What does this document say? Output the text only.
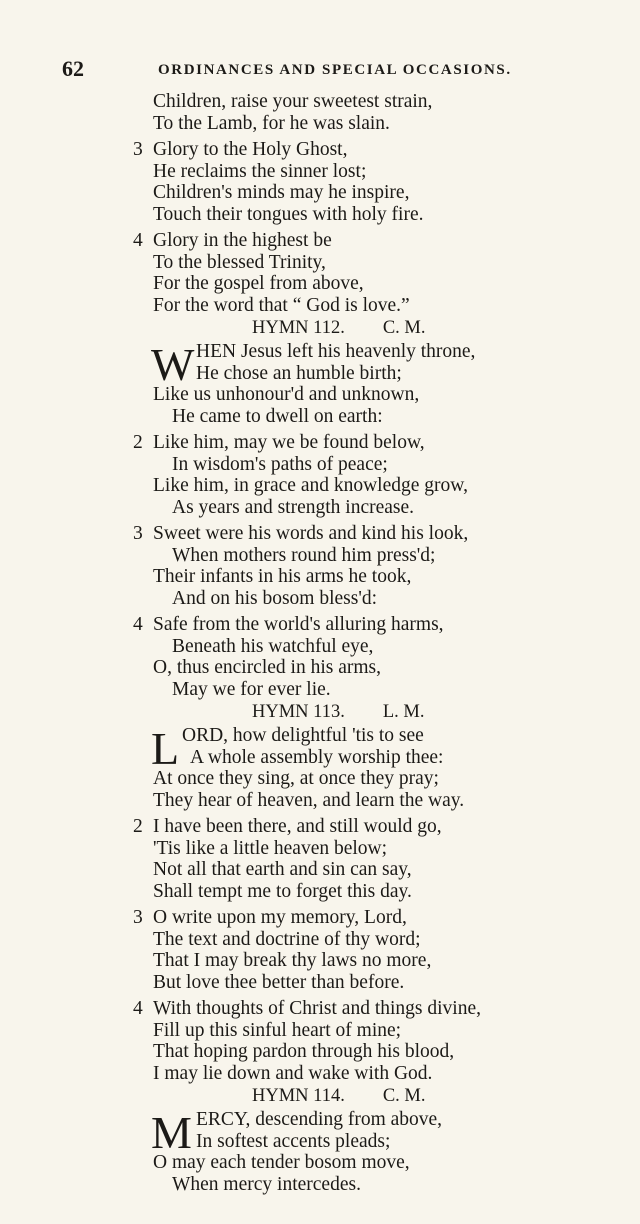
62	ORDINANCES AND SPECIAL OCCASIONS.
Children, raise your sweetest strain,
To the Lamb, for he was slain.
3 Glory to the Holy Ghost,
He reclaims the sinner lost;
Children's minds may he inspire,
Touch their tongues with holy fire.
4 Glory in the highest be
To the blessed Trinity,
For the gospel from above,
For the word that “ God is love.”
HYMN 112. C. M.
W HEN Jesus left his heavenly throne,
He chose an humble birth;
Like us unhonour'd and unknown,
He came to dwell on earth:
2 Like him, may we be found below,
In wisdom's paths of peace;
Like him, in grace and knowledge grow,
As years and strength increase.
3 Sweet were his words and kind his look,
When mothers round him press'd;
Their infants in his arms he took,
And on his bosom bless'd:
4 Safe from the world's alluring harms,
Beneath his watchful eye,
O, thus encircled in his arms,
May we for ever lie.
HYMN 113. L. M.
L ORD, how delightful 'tis to see
A whole assembly worship thee:
At once they sing, at once they pray;
They hear of heaven, and learn the way.
2 I have been there, and still would go,
'Tis like a little heaven below;
Not all that earth and sin can say,
Shall tempt me to forget this day.
3 O write upon my memory, Lord,
The text and doctrine of thy word;
That I may break thy laws no more,
But love thee better than before.
4 With thoughts of Christ and things divine,
Fill up this sinful heart of mine;
That hoping pardon through his blood,
I may lie down and wake with God.
HYMN 114. C. M.
M ERCY, descending from above,
In softest accents pleads;
O may each tender bosom move,
When mercy intercedes.
